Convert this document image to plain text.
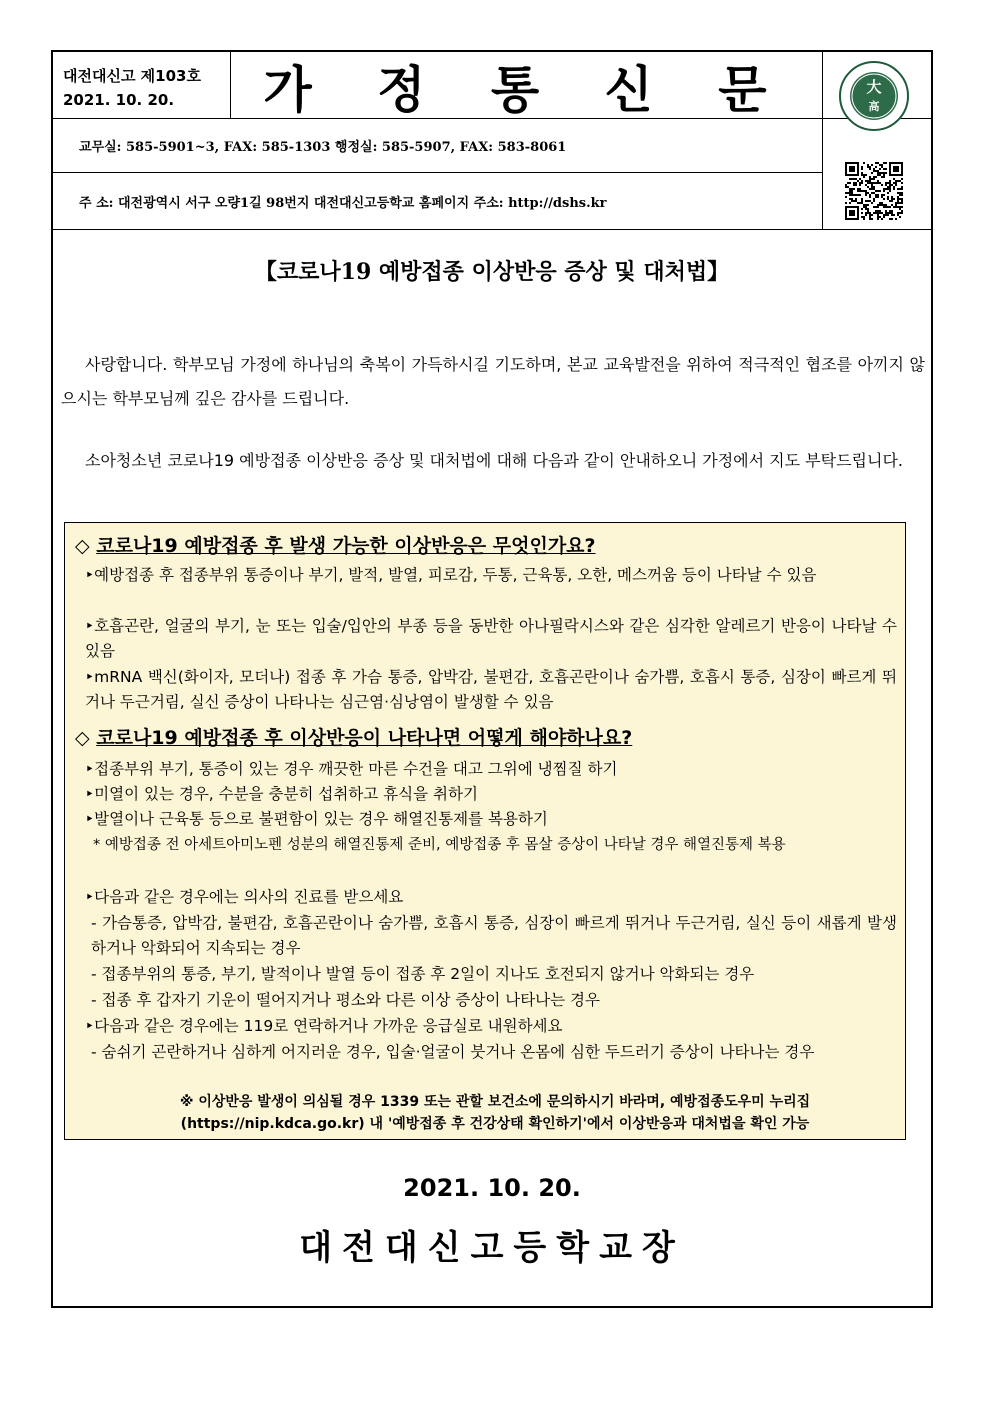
대전대신고 제103호
2021. 10. 20.	가 정 통 신 문
교무실: 585-5901~3, FAX: 585-1303 행정실: 585-5907, FAX: 583-8061
주 소: 대전광역시 서구 오량1길 98번지 대전대신고등학교 홈페이지 주소: http://dshs.kr
大
高
【코로나19 예방접종 이상반응 증상 및 대처법】
사랑합니다. 학부모님 가정에 하나님의 축복이 가득하시길 기도하며, 본교 교육발전을 위하여 적극적인 협조를 아끼지 않으시는 학부모님께 깊은 감사를 드립니다.
소아청소년 코로나19 예방접종 이상반응 증상 및 대처법에 대해 다음과 같이 안내하오니 가정에서 지도 부탁드립니다.
◇ 코로나19 예방접종 후 발생 가능한 이상반응은 무엇인가요?
‣예방접종 후 접종부위 통증이나 부기, 발적, 발열, 피로감, 두통, 근육통, 오한, 메스꺼움 등이 나타날 수 있음
‣호흡곤란, 얼굴의 부기, 눈 또는 입술/입안의 부종 등을 동반한 아나필락시스와 같은 심각한 알레르기 반응이 나타날 수 있음
‣mRNA 백신(화이자, 모더나) 접종 후 가슴 통증, 압박감, 불편감, 호흡곤란이나 숨가쁨, 호흡시 통증, 심장이 빠르게 뛰거나 두근거림, 실신 증상이 나타나는 심근염·심낭염이 발생할 수 있음
◇ 코로나19 예방접종 후 이상반응이 나타나면 어떻게 해야하나요?
‣접종부위 부기, 통증이 있는 경우 깨끗한 마른 수건을 대고 그위에 냉찜질 하기
‣미열이 있는 경우, 수분을 충분히 섭취하고 휴식을 취하기
‣발열이나 근육통 등으로 불편함이 있는 경우 해열진통제를 복용하기
* 예방접종 전 아세트아미노펜 성분의 해열진통제 준비, 예방접종 후 몸살 증상이 나타날 경우 해열진통제 복용
‣다음과 같은 경우에는 의사의 진료를 받으세요
- 가슴통증, 압박감, 불편감, 호흡곤란이나 숨가쁨, 호흡시 통증, 심장이 빠르게 뛰거나 두근거림, 실신 등이 새롭게 발생하거나 악화되어 지속되는 경우
- 접종부위의 통증, 부기, 발적이나 발열 등이 접종 후 2일이 지나도 호전되지 않거나 악화되는 경우
- 접종 후 갑자기 기운이 떨어지거나 평소와 다른 이상 증상이 나타나는 경우
‣다음과 같은 경우에는 119로 연락하거나 가까운 응급실로 내원하세요
- 숨쉬기 곤란하거나 심하게 어지러운 경우, 입술·얼굴이 붓거나 온몸에 심한 두드러기 증상이 나타나는 경우
※ 이상반응 발생이 의심될 경우 1339 또는 관할 보건소에 문의하시기 바라며, 예방접종도우미 누리집 (https://nip.kdca.go.kr) 내 '예방접종 후 건강상태 확인하기'에서 이상반응과 대처법을 확인 가능
2021. 10. 20.
대전대신고등학교장
